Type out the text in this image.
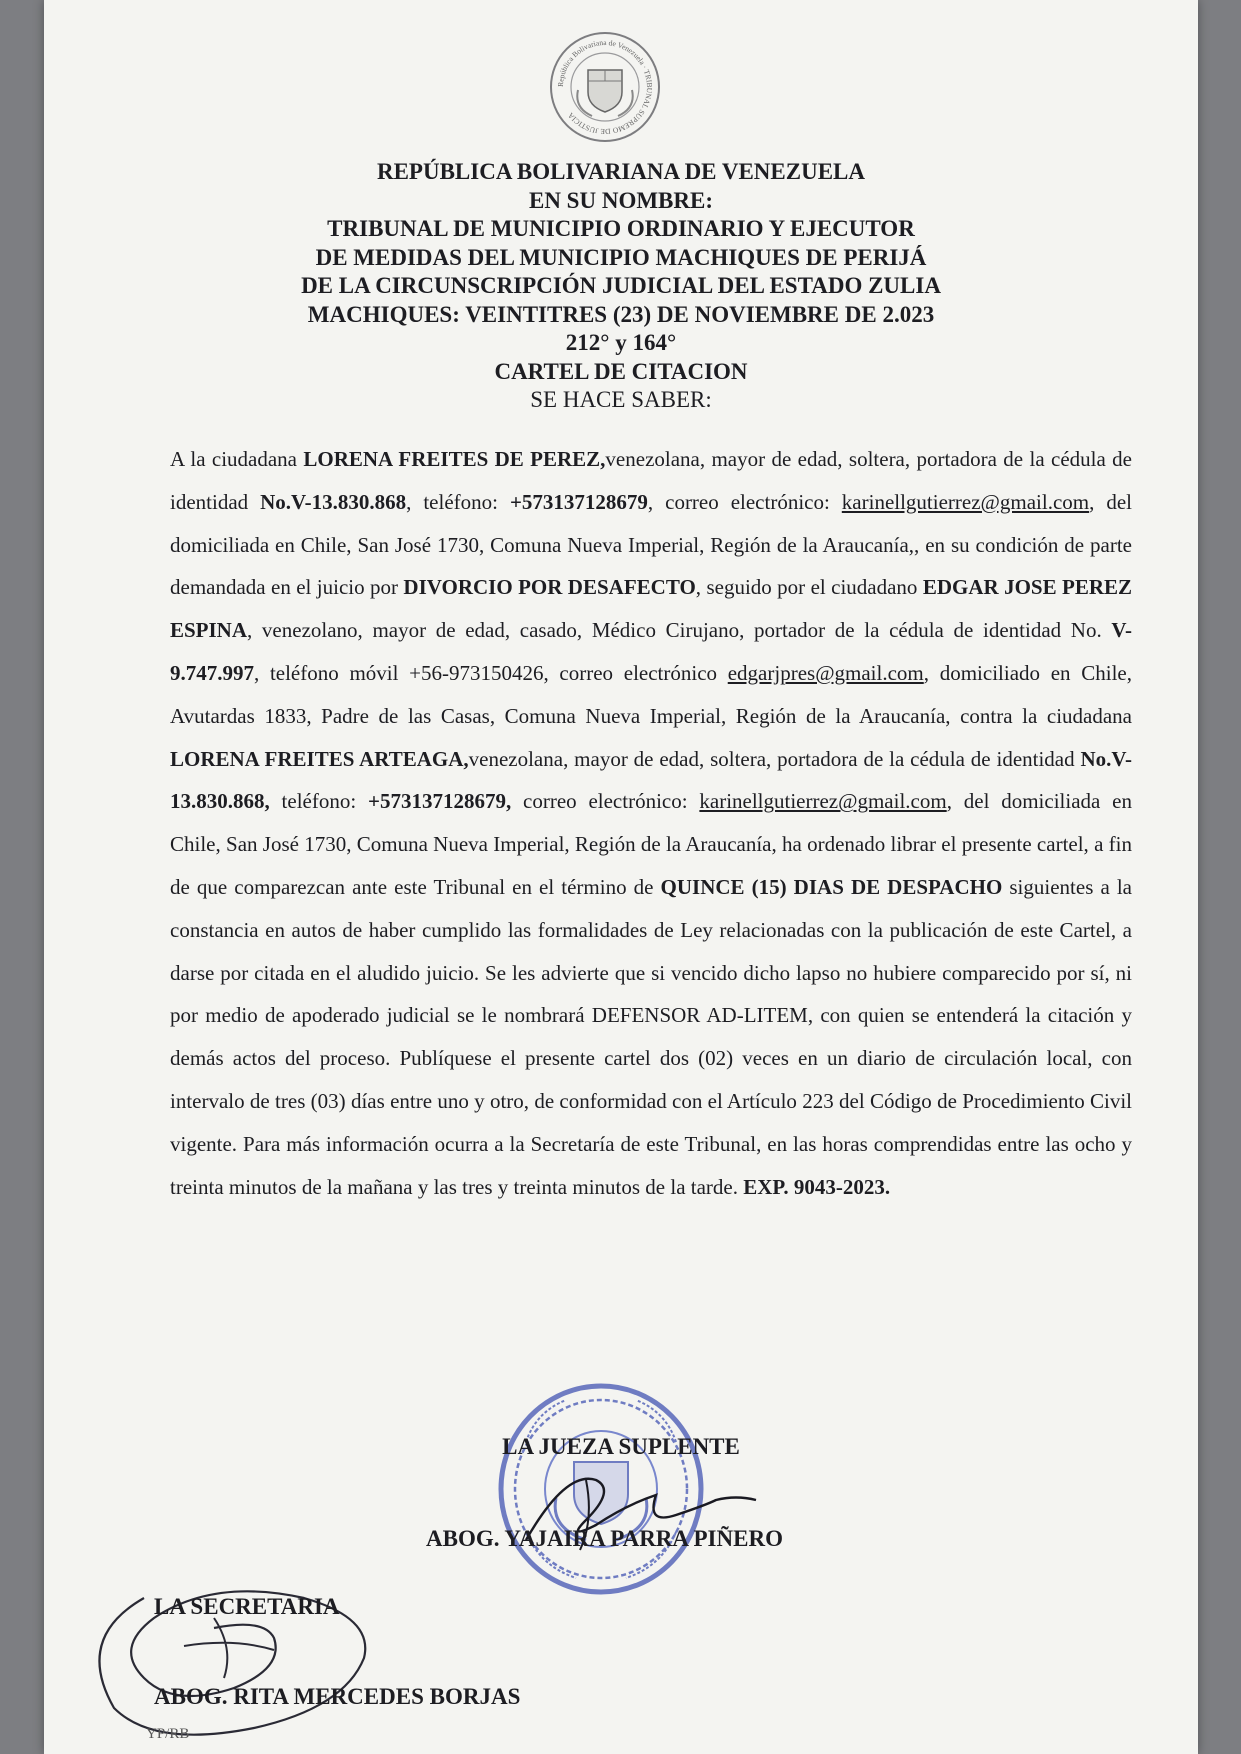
República Bolivariana de Venezuela · TRIBUNAL SUPREMO DE JUSTICIA
REPÚBLICA BOLIVARIANA DE VENEZUELA
EN SU NOMBRE:
TRIBUNAL DE MUNICIPIO ORDINARIO Y EJECUTOR
DE MEDIDAS DEL MUNICIPIO MACHIQUES DE PERIJÁ
DE LA CIRCUNSCRIPCIÓN JUDICIAL DEL ESTADO ZULIA
MACHIQUES: VEINTITRES (23) DE NOVIEMBRE DE 2.023
212° y 164°
CARTEL DE CITACION
SE HACE SABER:

A la ciudadana LORENA FREITES DE PEREZ,venezolana, mayor de edad, soltera, portadora de la cédula de identidad No.V-13.830.868, teléfono: +573137128679, correo electrónico: karinellgutierrez@gmail.com, del domiciliada en Chile, San José 1730, Comuna Nueva Imperial, Región de la Araucanía,, en su condición de parte demandada en el juicio por DIVORCIO POR DESAFECTO, seguido por el ciudadano EDGAR JOSE PEREZ ESPINA, venezolano, mayor de edad, casado, Médico Cirujano, portador de la cédula de identidad No. V-9.747.997, teléfono móvil +56-973150426, correo electrónico edgarjpres@gmail.com, domiciliado en Chile, Avutardas 1833, Padre de las Casas, Comuna Nueva Imperial, Región de la Araucanía, contra la ciudadana LORENA FREITES ARTEAGA,venezolana, mayor de edad, soltera, portadora de la cédula de identidad No.V-13.830.868, teléfono: +573137128679, correo electrónico: karinellgutierrez@gmail.com, del domiciliada en Chile, San José 1730, Comuna Nueva Imperial, Región de la Araucanía, ha ordenado librar el presente cartel, a fin de que comparezcan ante este Tribunal en el término de QUINCE (15) DIAS DE DESPACHO siguientes a la constancia en autos de haber cumplido las formalidades de Ley relacionadas con la publicación de este Cartel, a darse por citada en el aludido juicio. Se les advierte que si vencido dicho lapso no hubiere comparecido por sí, ni por medio de apoderado judicial se le nombrará DEFENSOR AD-LITEM, con quien se entenderá la citación y demás actos del proceso. Publíquese el presente cartel dos (02) veces en un diario de circulación local, con intervalo de tres (03) días entre uno y otro, de conformidad con el Artículo 223 del Código de Procedimiento Civil vigente. Para más información ocurra a la Secretaría de este Tribunal, en las horas comprendidas entre las ocho y treinta minutos de la mañana y las tres y treinta minutos de la tarde. EXP. 9043-2023.

LA JUEZA SUPLENTE
ABOG. YAJAIRA PARRA PIÑERO
LA SECRETARIA
ABOG. RITA MERCEDES BORJAS
YP/RB
